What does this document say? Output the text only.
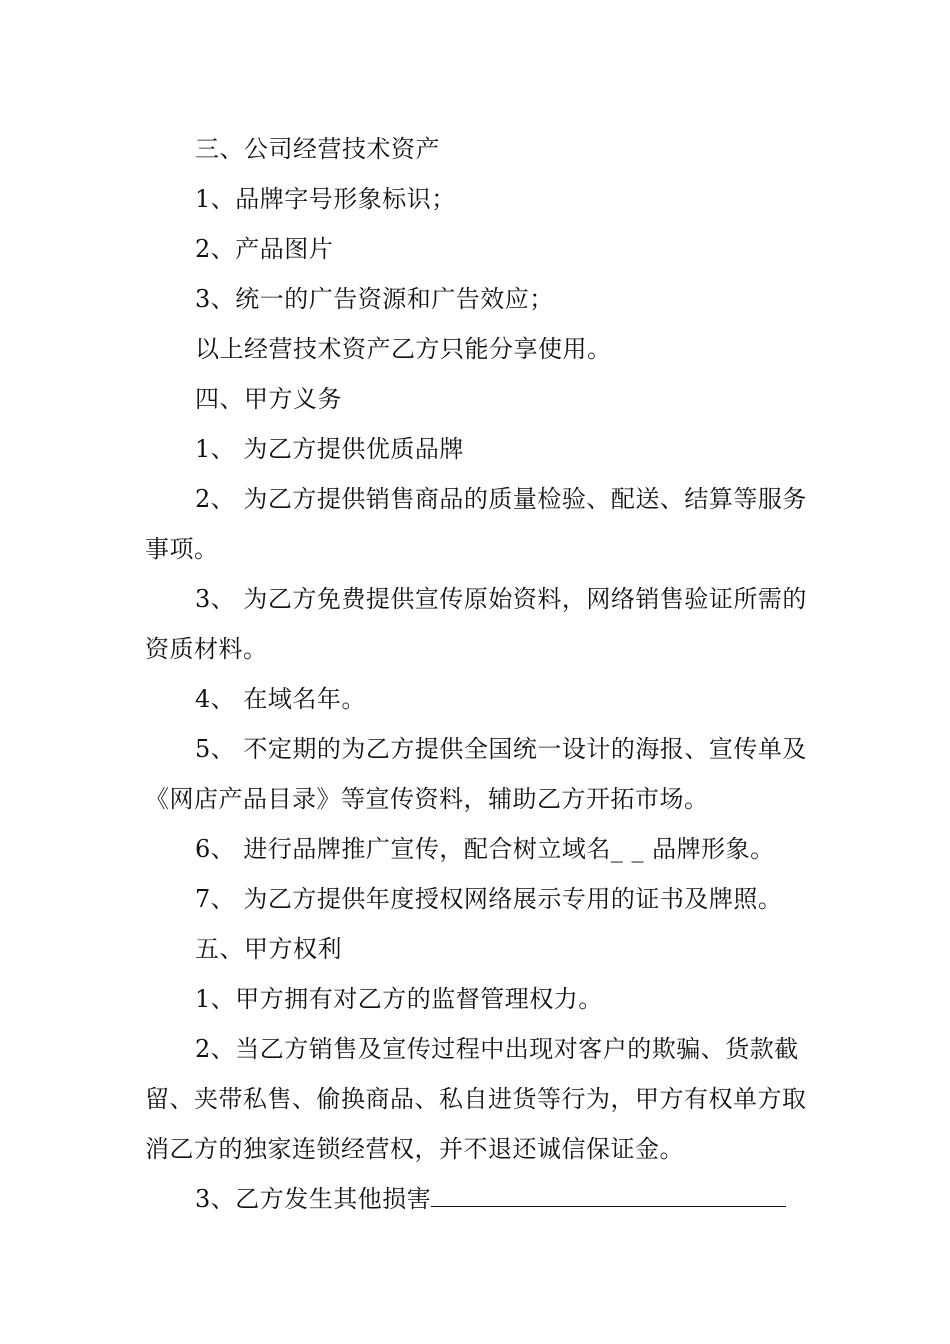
三、公司经营技术资产

1、品牌字号形象标识；

2、产品图片

3、统一的广告资源和广告效应；

以上经营技术资产乙方只能分享使用。

四、甲方义务

1、 为乙方提供优质品牌

2、 为乙方提供销售商品的质量检验、配送、结算等服务事项。

3、 为乙方免费提供宣传原始资料，网络销售验证所需的资质材料。

4、 在域名年。

5、 不定期的为乙方提供全国统一设计的海报、宣传单及《网店产品目录》等宣传资料，辅助乙方开拓市场。

6、 进行品牌推广宣传，配合树立域名_ _ 品牌形象。

7、 为乙方提供年度授权网络展示专用的证书及牌照。

五、甲方权利

1、甲方拥有对乙方的监督管理权力。

2、当乙方销售及宣传过程中出现对客户的欺骗、货款截留、夹带私售、偷换商品、私自进货等行为，甲方有权单方取消乙方的独家连锁经营权，并不退还诚信保证金。

3、乙方发生其他损害
